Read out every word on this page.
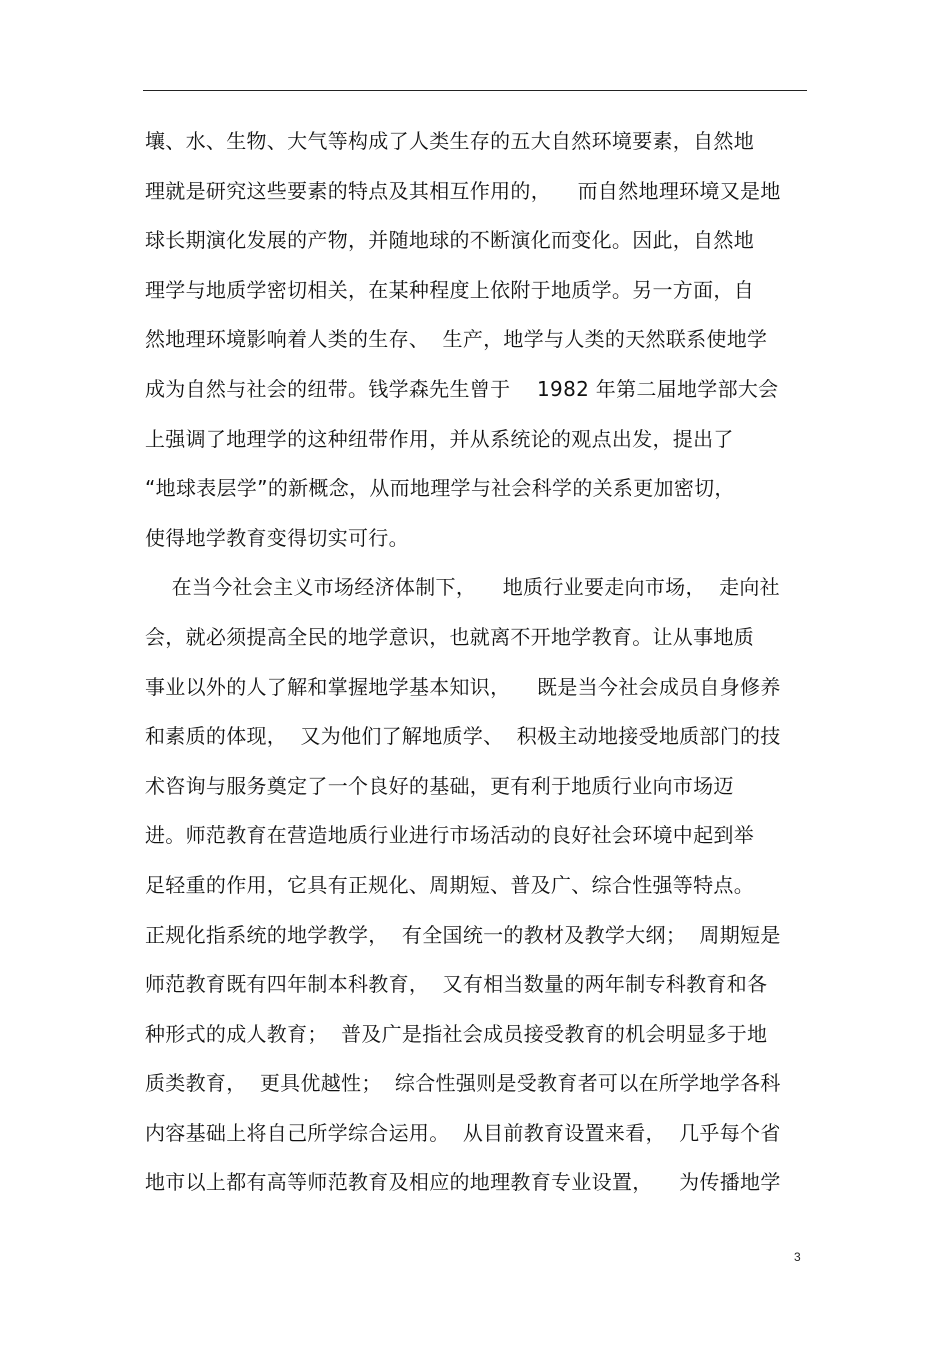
壤、水、生物、大气等构成了人类生存的五大自然环境要素，自然地
理就是研究这些要素的特点及其相互作用的，    而自然地理环境又是地
球长期演化发展的产物，并随地球的不断演化而变化。因此，自然地
理学与地质学密切相关，在某种程度上依附于地质学。另一方面，自
然地理环境影响着人类的生存、  生产，地学与人类的天然联系使地学
成为自然与社会的纽带。钱学森先生曾于    1982 年第二届地学部大会
上强调了地理学的这种纽带作用，并从系统论的观点出发，提出了
“地球表层学”的新概念，从而地理学与社会科学的关系更加密切，
使得地学教育变得切实可行。
在当今社会主义市场经济体制下，    地质行业要走向市场，  走向社
会，就必须提高全民的地学意识，也就离不开地学教育。让从事地质
事业以外的人了解和掌握地学基本知识，    既是当今社会成员自身修养
和素质的体现，  又为他们了解地质学、  积极主动地接受地质部门的技
术咨询与服务奠定了一个良好的基础，更有利于地质行业向市场迈
进。师范教育在营造地质行业进行市场活动的良好社会环境中起到举
足轻重的作用，它具有正规化、周期短、普及广、综合性强等特点。
正规化指系统的地学教学，  有全国统一的教材及教学大纲；  周期短是
师范教育既有四年制本科教育，  又有相当数量的两年制专科教育和各
种形式的成人教育；  普及广是指社会成员接受教育的机会明显多于地
质类教育，  更具优越性；  综合性强则是受教育者可以在所学地学各科
内容基础上将自己所学综合运用。  从目前教育设置来看，  几乎每个省
地市以上都有高等师范教育及相应的地理教育专业设置，    为传播地学
3
